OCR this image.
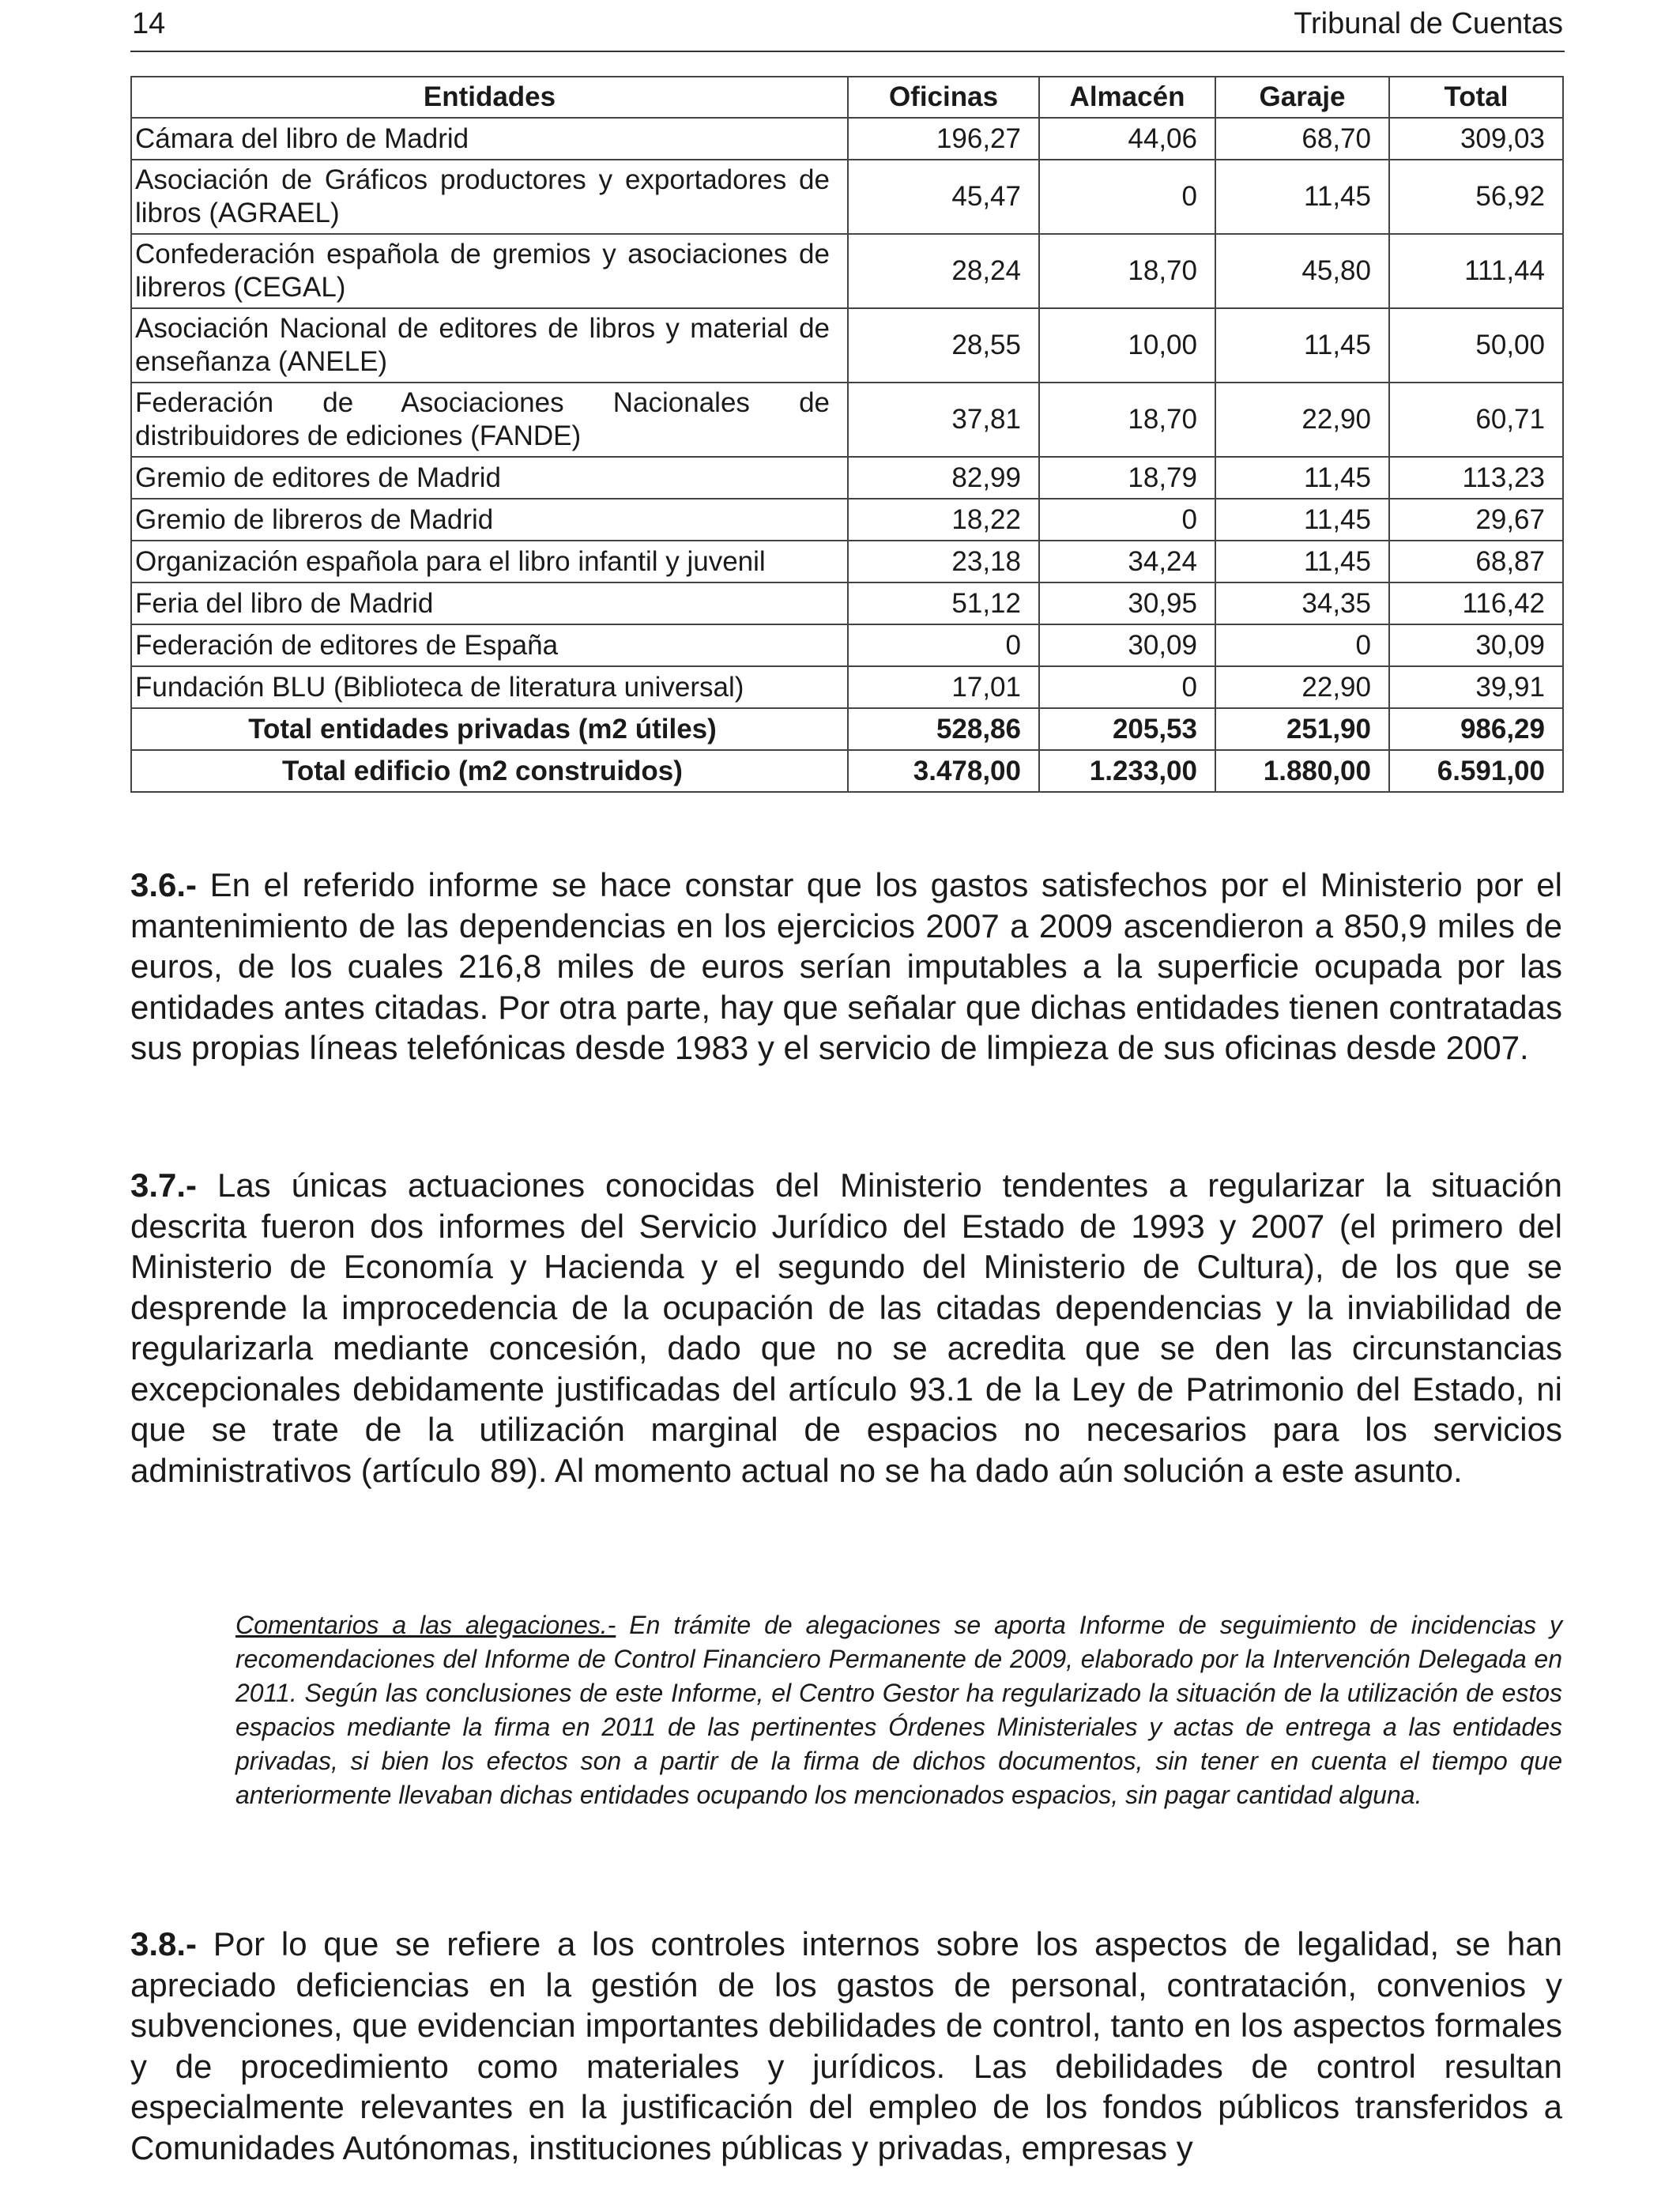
14	Tribunal de Cuentas
Entidades	Oficinas	Almacén	Garaje	Total
Cámara del libro de Madrid	196,27	44,06	68,70	309,03
Asociación de Gráficos productores y exportadores de libros (AGRAEL)	45,47	0	11,45	56,92
Confederación española de gremios y asociaciones de libreros (CEGAL)	28,24	18,70	45,80	111,44
Asociación Nacional de editores de libros y material de enseñanza (ANELE)	28,55	10,00	11,45	50,00
Federación de Asociaciones Nacionales de distribuidores de ediciones (FANDE)	37,81	18,70	22,90	60,71
Gremio de editores de Madrid	82,99	18,79	11,45	113,23
Gremio de libreros de Madrid	18,22	0	11,45	29,67
Organización española para el libro infantil y juvenil	23,18	34,24	11,45	68,87
Feria del libro de Madrid	51,12	30,95	34,35	116,42
Federación de editores de España	0	30,09	0	30,09
Fundación BLU (Biblioteca de literatura universal)	17,01	0	22,90	39,91
Total entidades privadas (m2 útiles)	528,86	205,53	251,90	986,29
Total edificio (m2 construidos)	3.478,00	1.233,00	1.880,00	6.591,00

3.6.- En el referido informe se hace constar que los gastos satisfechos por el Ministerio por el mantenimiento de las dependencias en los ejercicios 2007 a 2009 ascendieron a 850,9 miles de euros, de los cuales 216,8 miles de euros serían imputables a la superficie ocupada por las entidades antes citadas. Por otra parte, hay que señalar que dichas entidades tienen contratadas sus propias líneas telefónicas desde 1983 y el servicio de limpieza de sus oficinas desde 2007.

3.7.- Las únicas actuaciones conocidas del Ministerio tendentes a regularizar la situación descrita fueron dos informes del Servicio Jurídico del Estado de 1993 y 2007 (el primero del Ministerio de Economía y Hacienda y el segundo del Ministerio de Cultura), de los que se desprende la improcedencia de la ocupación de las citadas dependencias y la inviabilidad de regularizarla mediante concesión, dado que no se acredita que se den las circunstancias excepcionales debidamente justificadas del artículo 93.1 de la Ley de Patrimonio del Estado, ni que se trate de la utilización marginal de espacios no necesarios para los servicios administrativos (artículo 89). Al momento actual no se ha dado aún solución a este asunto.

Comentarios a las alegaciones.- En trámite de alegaciones se aporta Informe de seguimiento de incidencias y recomendaciones del Informe de Control Financiero Permanente de 2009, elaborado por la Intervención Delegada en 2011. Según las conclusiones de este Informe, el Centro Gestor ha regularizado la situación de la utilización de estos espacios mediante la firma en 2011 de las pertinentes Órdenes Ministeriales y actas de entrega a las entidades privadas, si bien los efectos son a partir de la firma de dichos documentos, sin tener en cuenta el tiempo que anteriormente llevaban dichas entidades ocupando los mencionados espacios, sin pagar cantidad alguna.

3.8.- Por lo que se refiere a los controles internos sobre los aspectos de legalidad, se han apreciado deficiencias en la gestión de los gastos de personal, contratación, convenios y subvenciones, que evidencian importantes debilidades de control, tanto en los aspectos formales y de procedimiento como materiales y jurídicos. Las debilidades de control resultan especialmente relevantes en la justificación del empleo de los fondos públicos transferidos a Comunidades Autónomas, instituciones públicas y privadas, empresas y
